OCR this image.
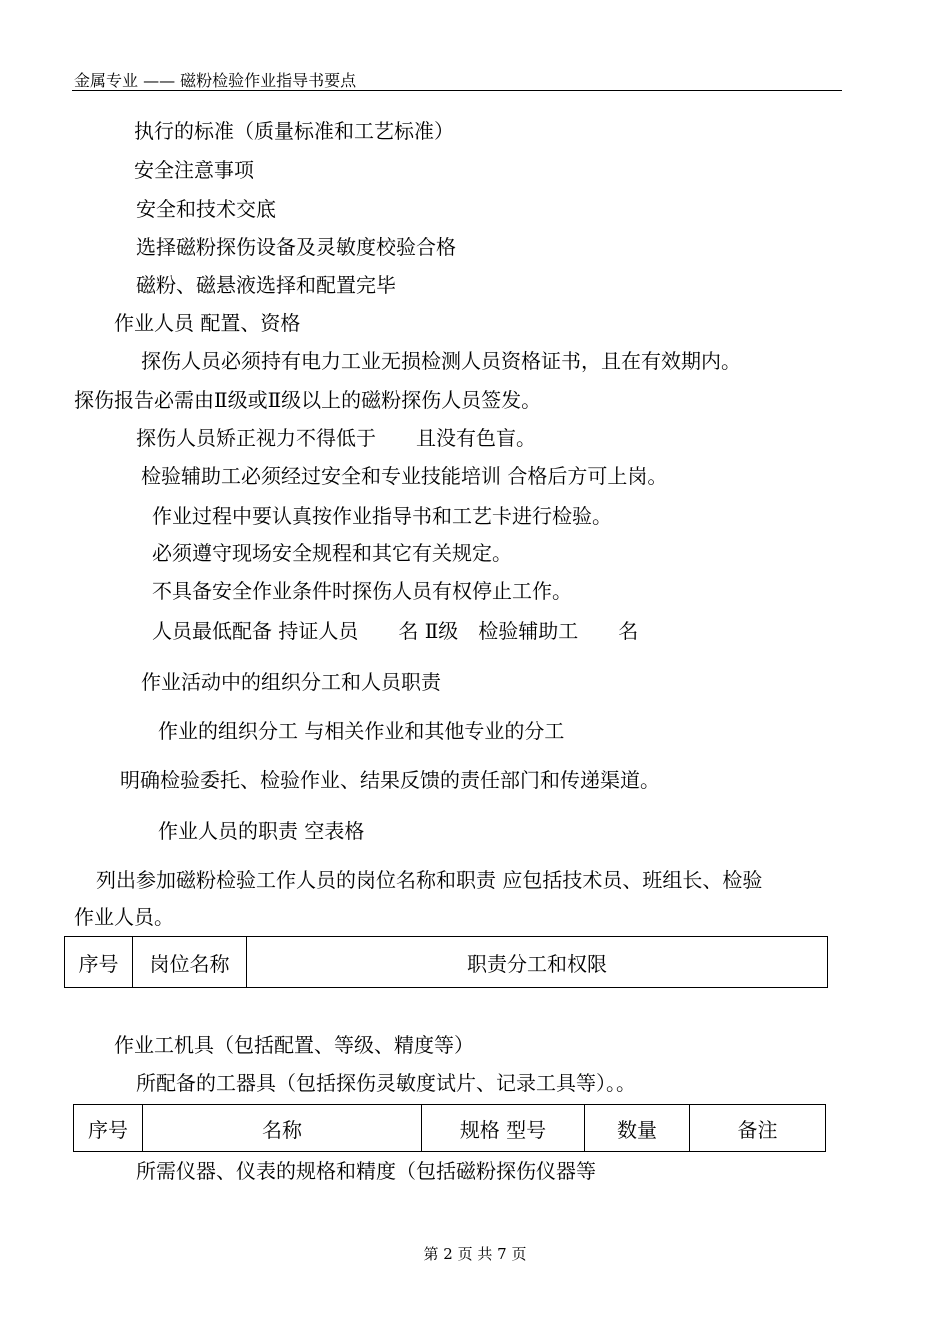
金属专业 —— 磁粉检验作业指导书要点
执行的标准（质量标准和工艺标准）
安全注意事项
安全和技术交底
选择磁粉探伤设备及灵敏度校验合格
磁粉、磁悬液选择和配置完毕
作业人员 配置、资格
探伤人员必须持有电力工业无损检测人员资格证书，且在有效期内。
探伤报告必需由Ⅱ级或Ⅱ级以上的磁粉探伤人员签发。
探伤人员矫正视力不得低于　　且没有色盲。
检验辅助工必须经过安全和专业技能培训 合格后方可上岗。
作业过程中要认真按作业指导书和工艺卡进行检验。
必须遵守现场安全规程和其它有关规定。
不具备安全作业条件时探伤人员有权停止工作。
人员最低配备 持证人员　　名 Ⅱ级　检验辅助工　　名
作业活动中的组织分工和人员职责
作业的组织分工 与相关作业和其他专业的分工
明确检验委托、检验作业、结果反馈的责任部门和传递渠道。
作业人员的职责 空表格
列出参加磁粉检验工作人员的岗位名称和职责 应包括技术员、班组长、检验
作业人员。
序号	岗位名称	职责分工和权限
作业工机具（包括配置、等级、精度等）
所配备的工器具（包括探伤灵敏度试片、记录工具等）。。
序号	名称	规格 型号	数量	备注
所需仪器、仪表的规格和精度（包括磁粉探伤仪器等
第 2 页 共 7 页
